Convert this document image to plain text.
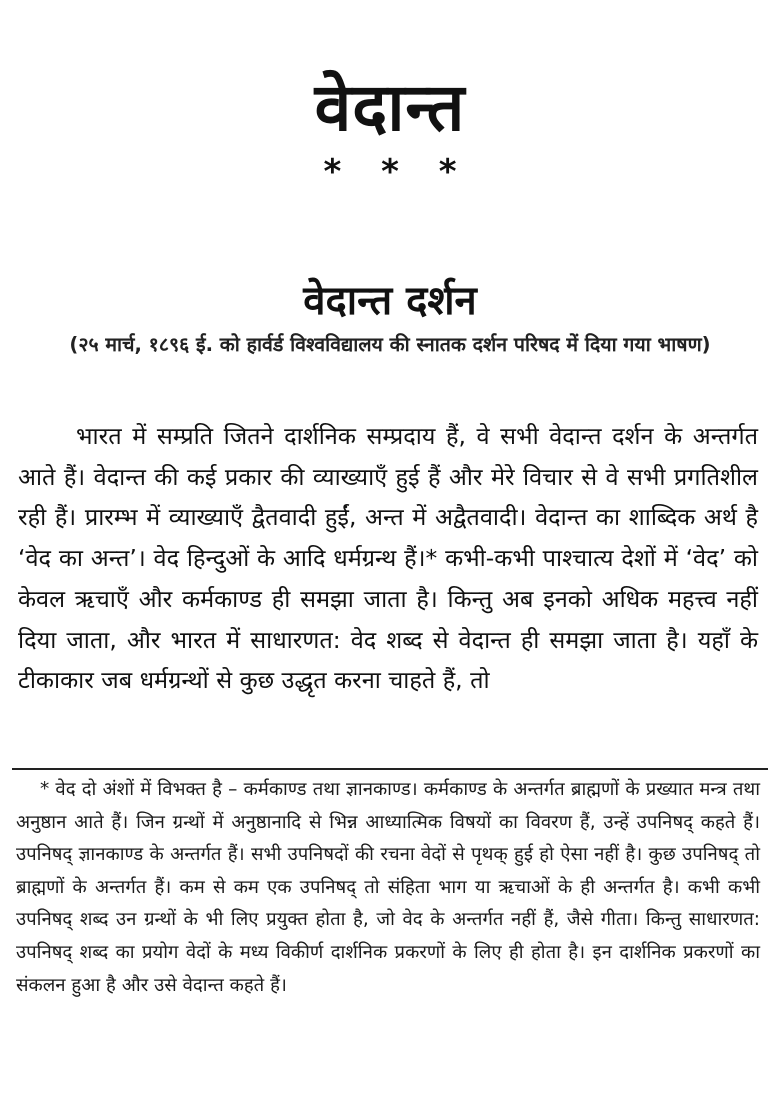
वेदान्त
* * *
वेदान्त दर्शन
(२५ मार्च, १८९६ ई. को हार्वर्ड विश्वविद्यालय की स्नातक दर्शन परिषद में दिया गया भाषण)

भारत में सम्प्रति जितने दार्शनिक सम्प्रदाय हैं, वे सभी वेदान्त दर्शन के अन्तर्गत आते हैं। वेदान्त की कई प्रकार की व्याख्याएँ हुई हैं और मेरे विचार से वे सभी प्रगतिशील रही हैं। प्रारम्भ में व्याख्याएँ द्वैतवादी हुईं, अन्त में अद्वैतवादी। वेदान्त का शाब्दिक अर्थ है ‘वेद का अन्त’। वेद हिन्दुओं के आदि धर्मग्रन्थ हैं।* कभी-कभी पाश्चात्य देशों में ‘वेद’ को केवल ऋचाएँ और कर्मकाण्ड ही समझा जाता है। किन्तु अब इनको अधिक महत्त्व नहीं दिया जाता, और भारत में साधारणत: वेद शब्द से वेदान्त ही समझा जाता है। यहाँ के टीकाकार जब धर्मग्रन्थों से कुछ उद्धृत करना चाहते हैं, तो

* वेद दो अंशों में विभक्त है – कर्मकाण्ड तथा ज्ञानकाण्ड। कर्मकाण्ड के अन्तर्गत ब्राह्मणों के प्रख्यात मन्त्र तथा अनुष्ठान आते हैं। जिन ग्रन्थों में अनुष्ठानादि से भिन्न आध्यात्मिक विषयों का विवरण हैं, उन्हें उपनिषद् कहते हैं। उपनिषद् ज्ञानकाण्ड के अन्तर्गत हैं। सभी उपनिषदों की रचना वेदों से पृथक् हुई हो ऐसा नहीं है। कुछ उपनिषद् तो ब्राह्मणों के अन्तर्गत हैं। कम से कम एक उपनिषद् तो संहिता भाग या ऋचाओं के ही अन्तर्गत है। कभी कभी उपनिषद् शब्द उन ग्रन्थों के भी लिए प्रयुक्त होता है, जो वेद के अन्तर्गत नहीं हैं, जैसे गीता। किन्तु साधारणत: उपनिषद् शब्द का प्रयोग वेदों के मध्य विकीर्ण दार्शनिक प्रकरणों के लिए ही होता है। इन दार्शनिक प्रकरणों का संकलन हुआ है और उसे वेदान्त कहते हैं।
